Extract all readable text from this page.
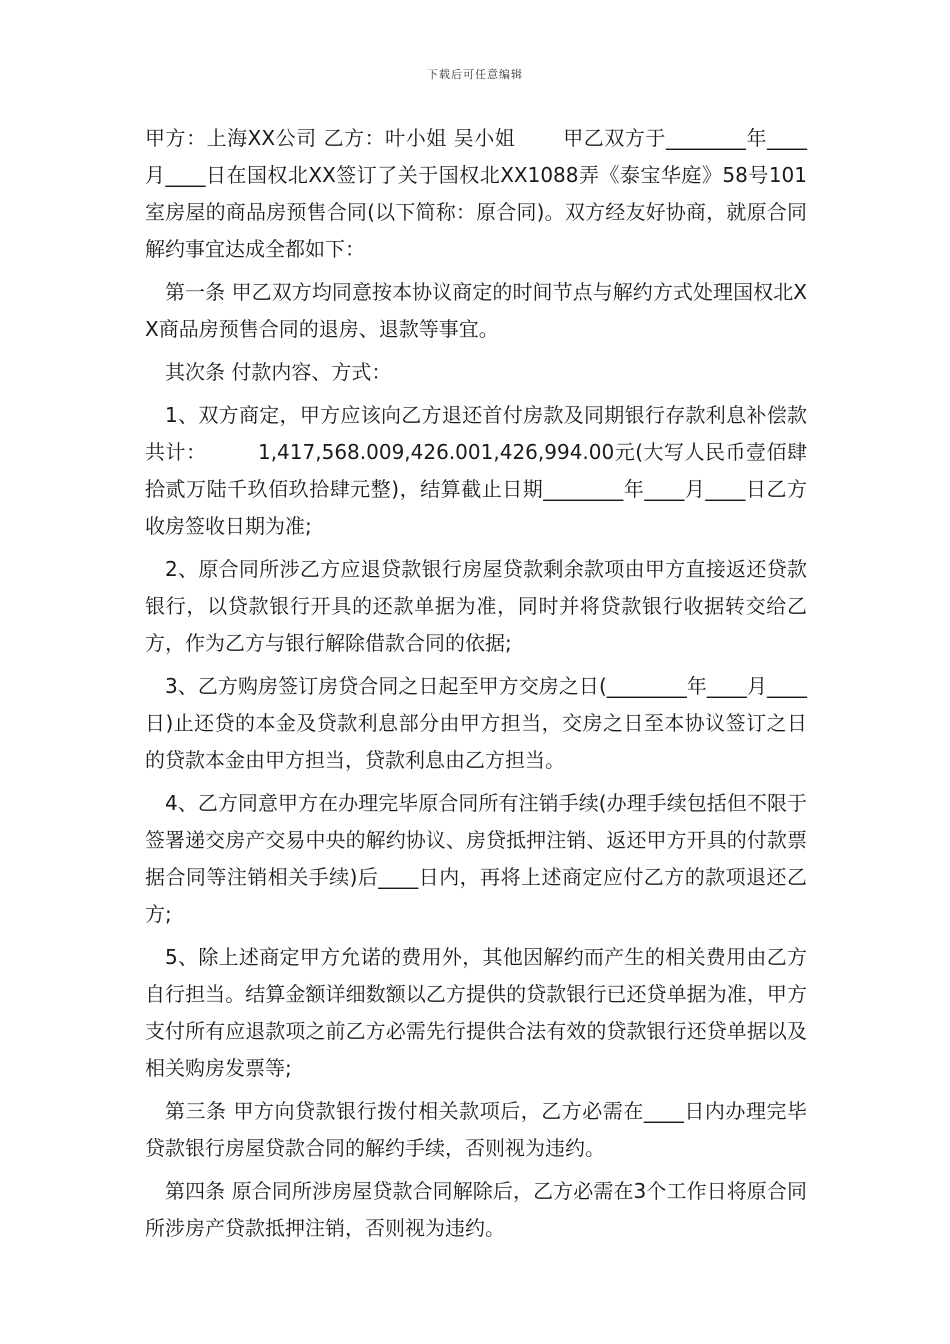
下载后可任意编辑

甲方：上海XX公司 乙方：叶小姐 吴小姐　　 甲乙双方于________年____月____日在国权北XX签订了关于国权北XX1088弄《泰宝华庭》58号101室房屋的商品房预售合同(以下简称：原合同)。双方经友好协商，就原合同解约事宜达成全都如下：

第一条 甲乙双方均同意按本协议商定的时间节点与解约方式处理国权北XX商品房预售合同的退房、退款等事宜。

其次条 付款内容、方式：

1、双方商定，甲方应该向乙方退还首付房款及同期银行存款利息补偿款共计：　　　1,417,568.009,426.001,426,994.00元(大写人民币壹佰肆拾贰万陆千玖佰玖拾肆元整)，结算截止日期________年____月____日乙方收房签收日期为准;

2、原合同所涉乙方应退贷款银行房屋贷款剩余款项由甲方直接返还贷款银行，以贷款银行开具的还款单据为准，同时并将贷款银行收据转交给乙方，作为乙方与银行解除借款合同的依据;

3、乙方购房签订房贷合同之日起至甲方交房之日(________年____月____日)止还贷的本金及贷款利息部分由甲方担当，交房之日至本协议签订之日的贷款本金由甲方担当，贷款利息由乙方担当。

4、乙方同意甲方在办理完毕原合同所有注销手续(办理手续包括但不限于签署递交房产交易中央的解约协议、房贷抵押注销、返还甲方开具的付款票据合同等注销相关手续)后____日内，再将上述商定应付乙方的款项退还乙方;

5、除上述商定甲方允诺的费用外，其他因解约而产生的相关费用由乙方自行担当。结算金额详细数额以乙方提供的贷款银行已还贷单据为准，甲方支付所有应退款项之前乙方必需先行提供合法有效的贷款银行还贷单据以及相关购房发票等;

第三条 甲方向贷款银行拨付相关款项后，乙方必需在____日内办理完毕贷款银行房屋贷款合同的解约手续，否则视为违约。

第四条 原合同所涉房屋贷款合同解除后，乙方必需在3个工作日将原合同所涉房产贷款抵押注销，否则视为违约。
